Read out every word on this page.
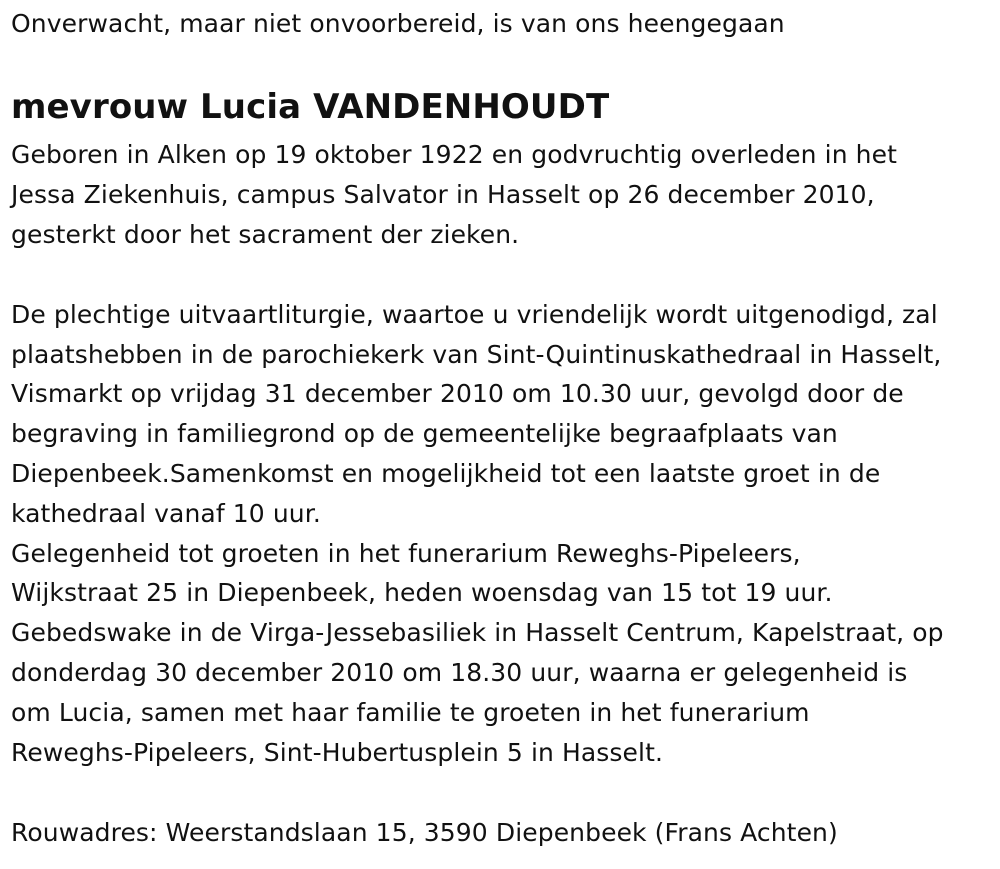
Onverwacht, maar niet onvoorbereid, is van ons heengegaan

mevrouw Lucia VANDENHOUDT

Geboren in Alken op 19 oktober 1922 en godvruchtig overleden in het

Jessa Ziekenhuis, campus Salvator in Hasselt op 26 december 2010,

gesterkt door het sacrament der zieken.

De plechtige uitvaartliturgie, waartoe u vriendelijk wordt uitgenodigd, zal

plaatshebben in de parochiekerk van Sint-Quintinuskathedraal in Hasselt,

Vismarkt op vrijdag 31 december 2010 om 10.30 uur, gevolgd door de

begraving in familiegrond op de gemeentelijke begraafplaats van

Diepenbeek.Samenkomst en mogelijkheid tot een laatste groet in de

kathedraal vanaf 10 uur.

Gelegenheid tot groeten in het funerarium Reweghs-Pipeleers,

Wijkstraat 25 in Diepenbeek, heden woensdag van 15 tot 19 uur.

Gebedswake in de Virga-Jessebasiliek in Hasselt Centrum, Kapelstraat, op

donderdag 30 december 2010 om 18.30 uur, waarna er gelegenheid is

om Lucia, samen met haar familie te groeten in het funerarium

Reweghs-Pipeleers, Sint-Hubertusplein 5 in Hasselt.

Rouwadres: Weerstandslaan 15, 3590 Diepenbeek (Frans Achten)
